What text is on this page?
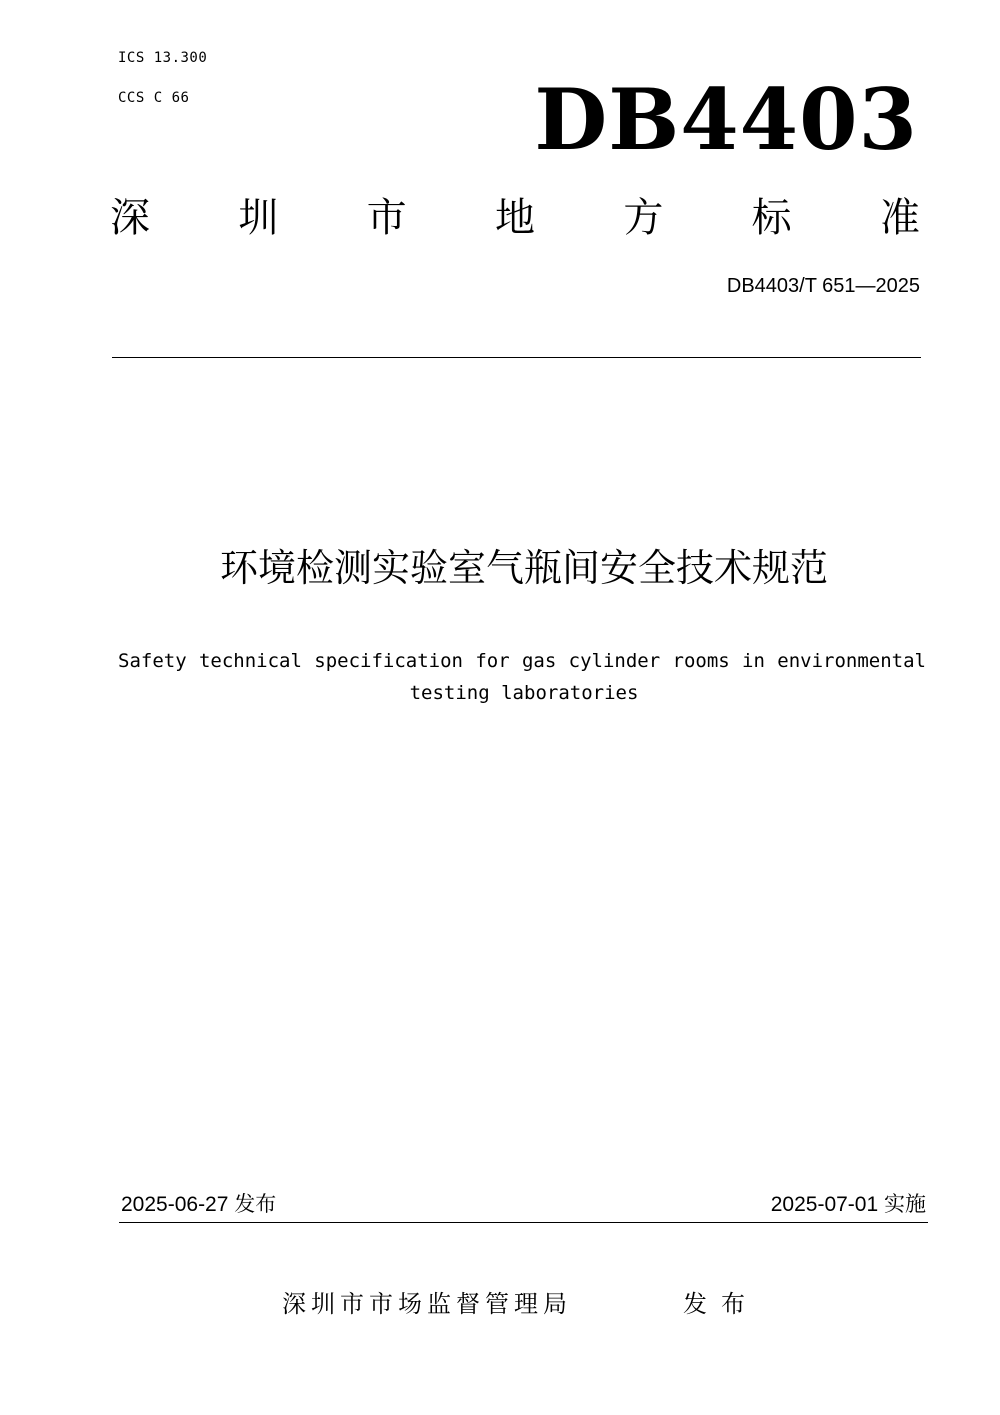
ICS 13.300
CCS C 66	DB4403
深 圳 市 地 方 标 准
DB4403/T 651—2025
环境检测实验室气瓶间安全技术规范
Safety technical specification for gas cylinder rooms in environmental
testing laboratories
2025-06-27 发布	2025-07-01 实施
深圳市市场监督管理局	发布
